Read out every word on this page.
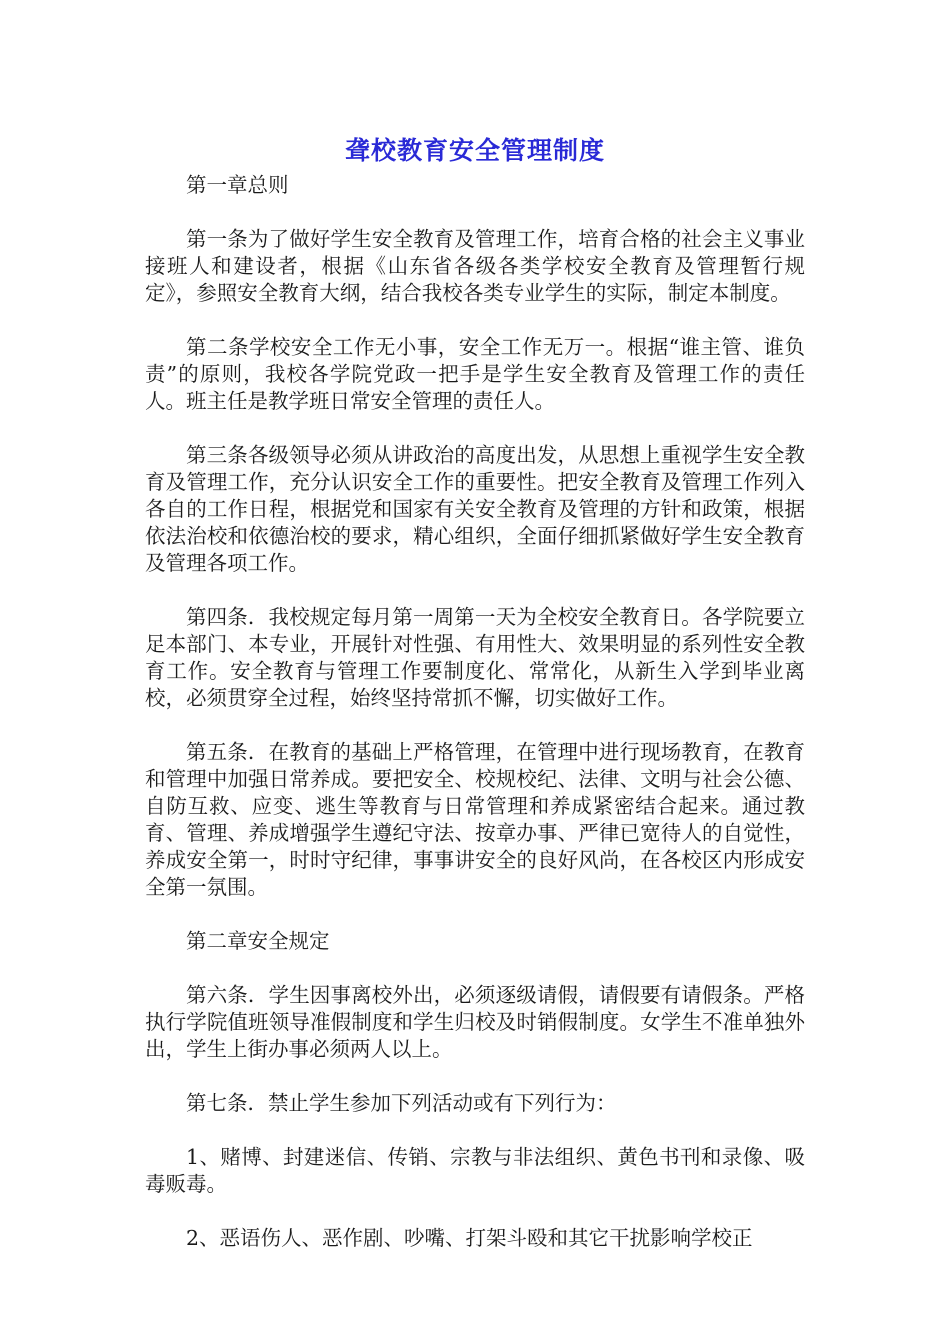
聋校教育安全管理制度

第一章总则

第一条为了做好学生安全教育及管理工作，培育合格的社会主义事业接班人和建设者，根据《山东省各级各类学校安全教育及管理暂行规定》，参照安全教育大纲，结合我校各类专业学生的实际，制定本制度。

第二条学校安全工作无小事，安全工作无万一。根据“谁主管、谁负责”的原则，我校各学院党政一把手是学生安全教育及管理工作的责任人。班主任是教学班日常安全管理的责任人。

第三条各级领导必须从讲政治的高度出发，从思想上重视学生安全教育及管理工作，充分认识安全工作的重要性。把安全教育及管理工作列入各自的工作日程，根据党和国家有关安全教育及管理的方针和政策，根据依法治校和依德治校的要求，精心组织，全面仔细抓紧做好学生安全教育及管理各项工作。

第四条．我校规定每月第一周第一天为全校安全教育日。各学院要立足本部门、本专业，开展针对性强、有用性大、效果明显的系列性安全教育工作。安全教育与管理工作要制度化、常常化，从新生入学到毕业离校，必须贯穿全过程，始终坚持常抓不懈，切实做好工作。

第五条．在教育的基础上严格管理，在管理中进行现场教育，在教育和管理中加强日常养成。要把安全、校规校纪、法律、文明与社会公德、自防互救、应变、逃生等教育与日常管理和养成紧密结合起来。通过教育、管理、养成增强学生遵纪守法、按章办事、严律已宽待人的自觉性，养成安全第一，时时守纪律，事事讲安全的良好风尚，在各校区内形成安全第一氛围。

第二章安全规定

第六条．学生因事离校外出，必须逐级请假，请假要有请假条。严格执行学院值班领导准假制度和学生归校及时销假制度。女学生不准单独外出，学生上街办事必须两人以上。

第七条．禁止学生参加下列活动或有下列行为：

1、赌博、封建迷信、传销、宗教与非法组织、黄色书刊和录像、吸毒贩毒。

2、恶语伤人、恶作剧、吵嘴、打架斗殴和其它干扰影响学校正
